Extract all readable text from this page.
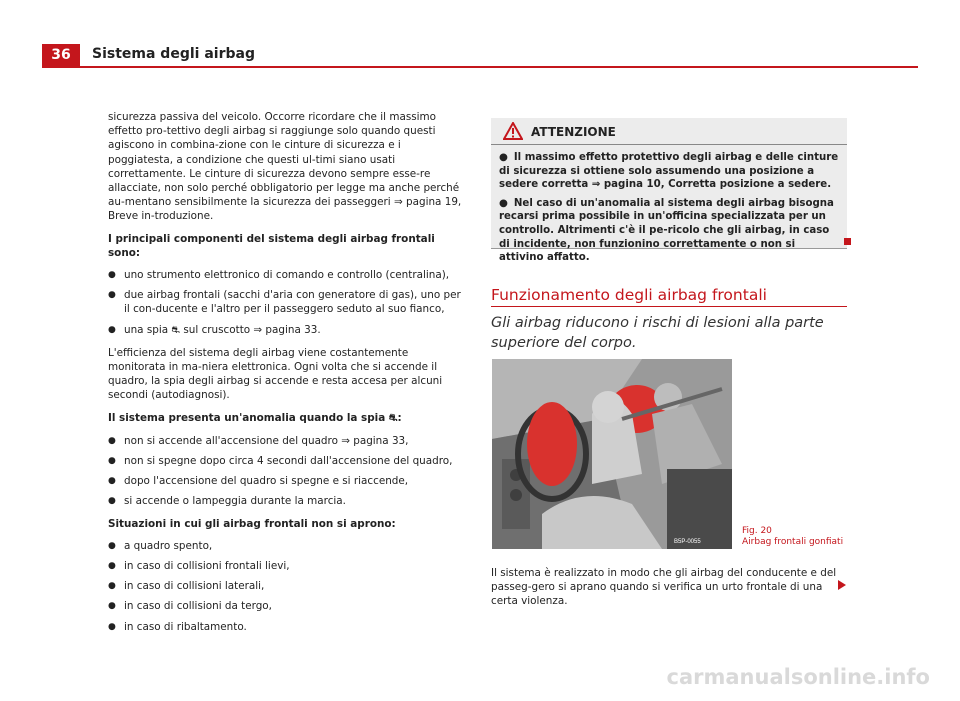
36	Sistema degli airbag

sicurezza passiva del veicolo. Occorre ricordare che il massimo effetto pro-tettivo degli airbag si raggiunge solo quando questi agiscono in combina-zione con le cinture di sicurezza e i poggiatesta, a condizione che questi ul-timi siano usati correttamente. Le cinture di sicurezza devono sempre esse-re allacciate, non solo perché obbligatorio per legge ma anche perché au-mentano sensibilmente la sicurezza dei passeggeri ⇒ pagina 19, Breve in-troduzione.

I principali componenti del sistema degli airbag frontali sono:

● uno strumento elettronico di comando e controllo (centralina),
● due airbag frontali (sacchi d'aria con generatore di gas), uno per il con-ducente e l'altro per il passeggero seduto al suo fianco,
● una spia ⛐ sul cruscotto ⇒ pagina 33.

L'efficienza del sistema degli airbag viene costantemente monitorata in ma-niera elettronica. Ogni volta che si accende il quadro, la spia degli airbag si accende e resta accesa per alcuni secondi (autodiagnosi).

Il sistema presenta un'anomalia quando la spia ⛐:

● non si accende all'accensione del quadro ⇒ pagina 33,
● non si spegne dopo circa 4 secondi dall'accensione del quadro,
● dopo l'accensione del quadro si spegne e si riaccende,
● si accende o lampeggia durante la marcia.

Situazioni in cui gli airbag frontali non si aprono:

● a quadro spento,
● in caso di collisioni frontali lievi,
● in caso di collisioni laterali,
● in caso di collisioni da tergo,
● in caso di ribaltamento.
ATTENZIONE

● Il massimo effetto protettivo degli airbag e delle cinture di sicurezza si ottiene solo assumendo una posizione a sedere corretta ⇒ pagina 10, Corretta posizione a sedere.

● Nel caso di un'anomalia al sistema degli airbag bisogna recarsi prima possibile in un'officina specializzata per un controllo. Altrimenti c'è il pe-ricolo che gli airbag, in caso di incidente, non funzionino correttamente o non si attivino affatto.

Funzionamento degli airbag frontali
Gli airbag riducono i rischi di lesioni alla parte superiore del corpo.
B5P-0055
Fig. 20
Airbag frontali gonfiati
Il sistema è realizzato in modo che gli airbag del conducente e del passeg-gero si aprano quando si verifica un urto frontale di una certa violenza.
carmanualsonline.info
